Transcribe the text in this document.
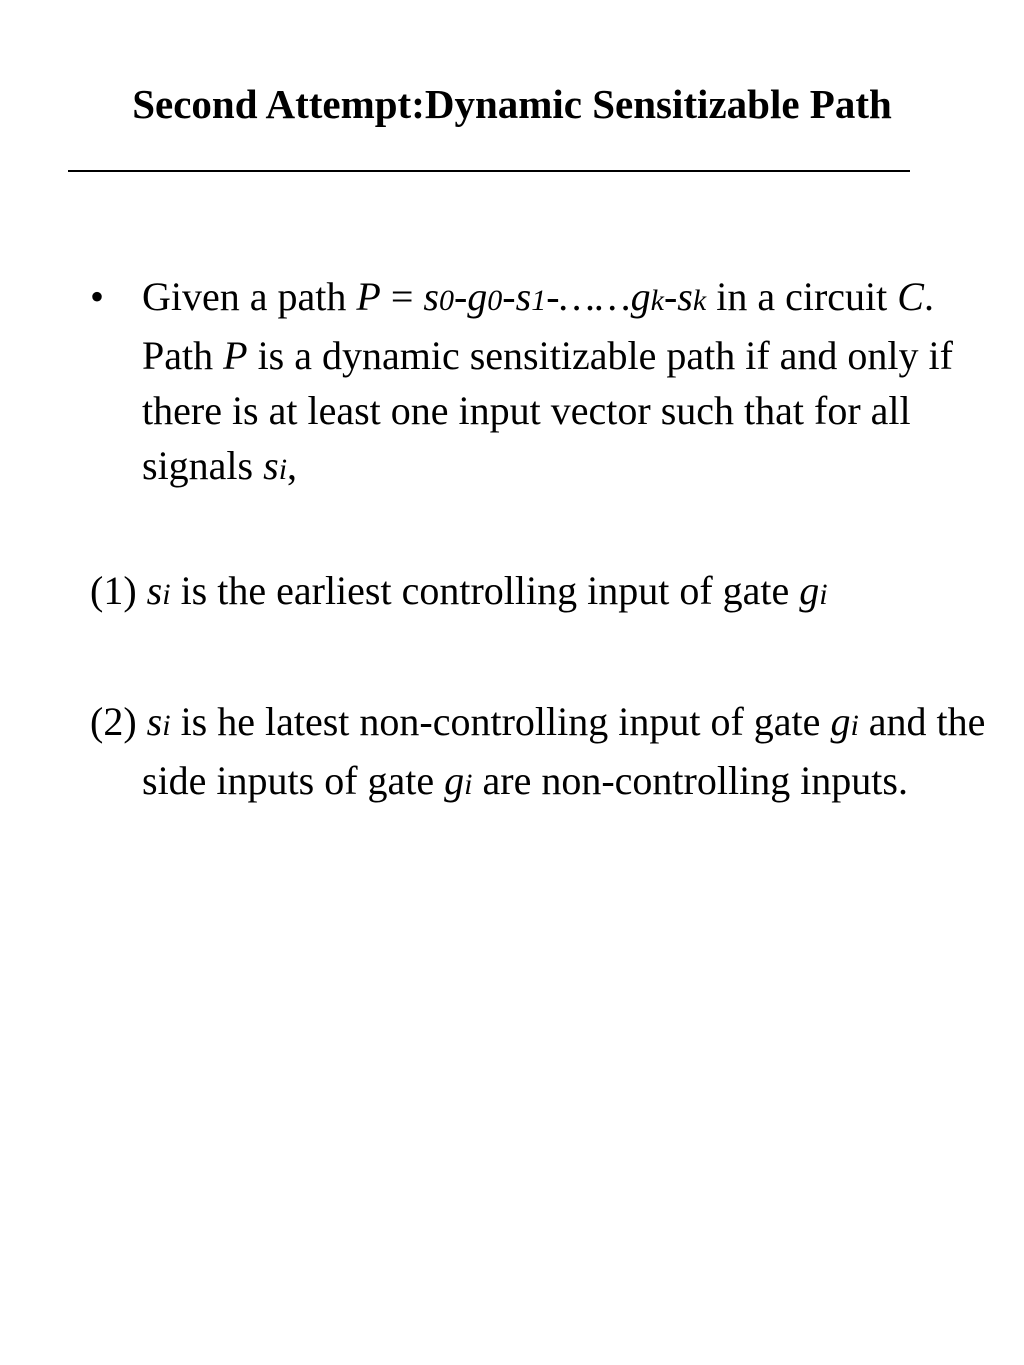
Second Attempt:Dynamic Sensitizable Path
• Given a path P = s0-g0-s1-……gk-sk in a circuit C. Path P is a dynamic sensitizable path if and only if there is at least one input vector such that for all signals si,
(1) si is the earliest controlling input of gate gi
(2) si is he latest non-controlling input of gate gi and the side inputs of gate gi are non-controlling inputs.
